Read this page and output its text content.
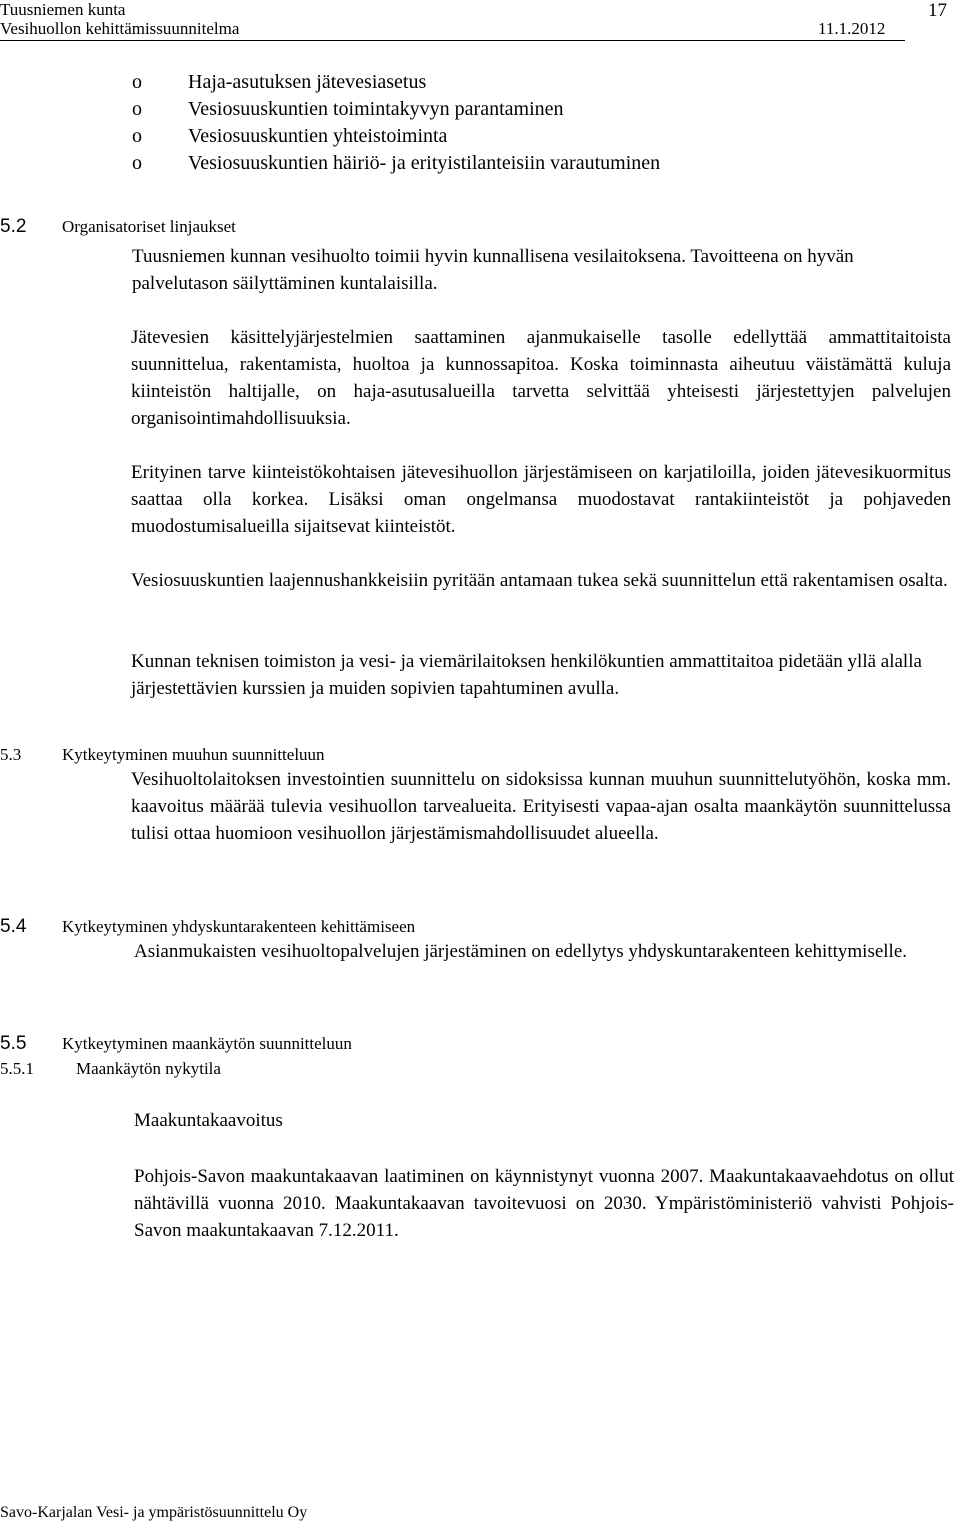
Tuusniemen kunta
Vesihuollon kehittämissuunnitelma	11.1.2012
17
o Haja-asutuksen jätevesiasetus
o Vesiosuuskuntien toimintakyvyn parantaminen
o Vesiosuuskuntien yhteistoiminta
o Vesiosuuskuntien häiriö- ja erityistilanteisiin varautuminen
5.2 Organisatoriset linjaukset
Tuusniemen kunnan vesihuolto toimii hyvin kunnallisena vesilaitoksena. Tavoitteena on hyvän palvelutason säilyttäminen kuntalaisilla.
Jätevesien käsittelyjärjestelmien saattaminen ajanmukaiselle tasolle edellyttää ammattitaitoista suunnittelua, rakentamista, huoltoa ja kunnossapitoa. Koska toiminnasta aiheutuu väistämättä kuluja kiinteistön haltijalle, on haja-asutusalueilla tarvetta selvittää yhteisesti järjestettyjen palvelujen organisointimahdollisuuksia.
Erityinen tarve kiinteistökohtaisen jätevesihuollon järjestämiseen on karjatiloilla, joiden jätevesikuormitus saattaa olla korkea. Lisäksi oman ongelmansa muodostavat rantakiinteistöt ja pohjaveden muodostumisalueilla sijaitsevat kiinteistöt.
Vesiosuuskuntien laajennushankkeisiin pyritään antamaan tukea sekä suunnittelun että rakentamisen osalta.
Kunnan teknisen toimiston ja vesi- ja viemärilaitoksen henkilökuntien ammattitaitoa pidetään yllä alalla järjestettävien kurssien ja muiden sopivien tapahtuminen avulla.
5.3 Kytkeytyminen muuhun suunnitteluun
Vesihuoltolaitoksen investointien suunnittelu on sidoksissa kunnan muuhun suunnittelutyöhön, koska mm. kaavoitus määrää tulevia vesihuollon tarvealueita. Erityisesti vapaa-ajan osalta maankäytön suunnittelussa tulisi ottaa huomioon vesihuollon järjestämismahdollisuudet alueella.
5.4 Kytkeytyminen yhdyskuntarakenteen kehittämiseen
Asianmukaisten vesihuoltopalvelujen järjestäminen on edellytys yhdyskuntarakenteen kehittymiselle.
5.5 Kytkeytyminen maankäytön suunnitteluun
5.5.1 Maankäytön nykytila
Maakuntakaavoitus
Pohjois-Savon maakuntakaavan laatiminen on käynnistynyt vuonna 2007. Maakuntakaavaehdotus on ollut nähtävillä vuonna 2010. Maakuntakaavan tavoitevuosi on 2030. Ympäristöministeriö vahvisti Pohjois-Savon maakuntakaavan 7.12.2011.
Savo-Karjalan Vesi- ja ympäristösuunnittelu Oy
